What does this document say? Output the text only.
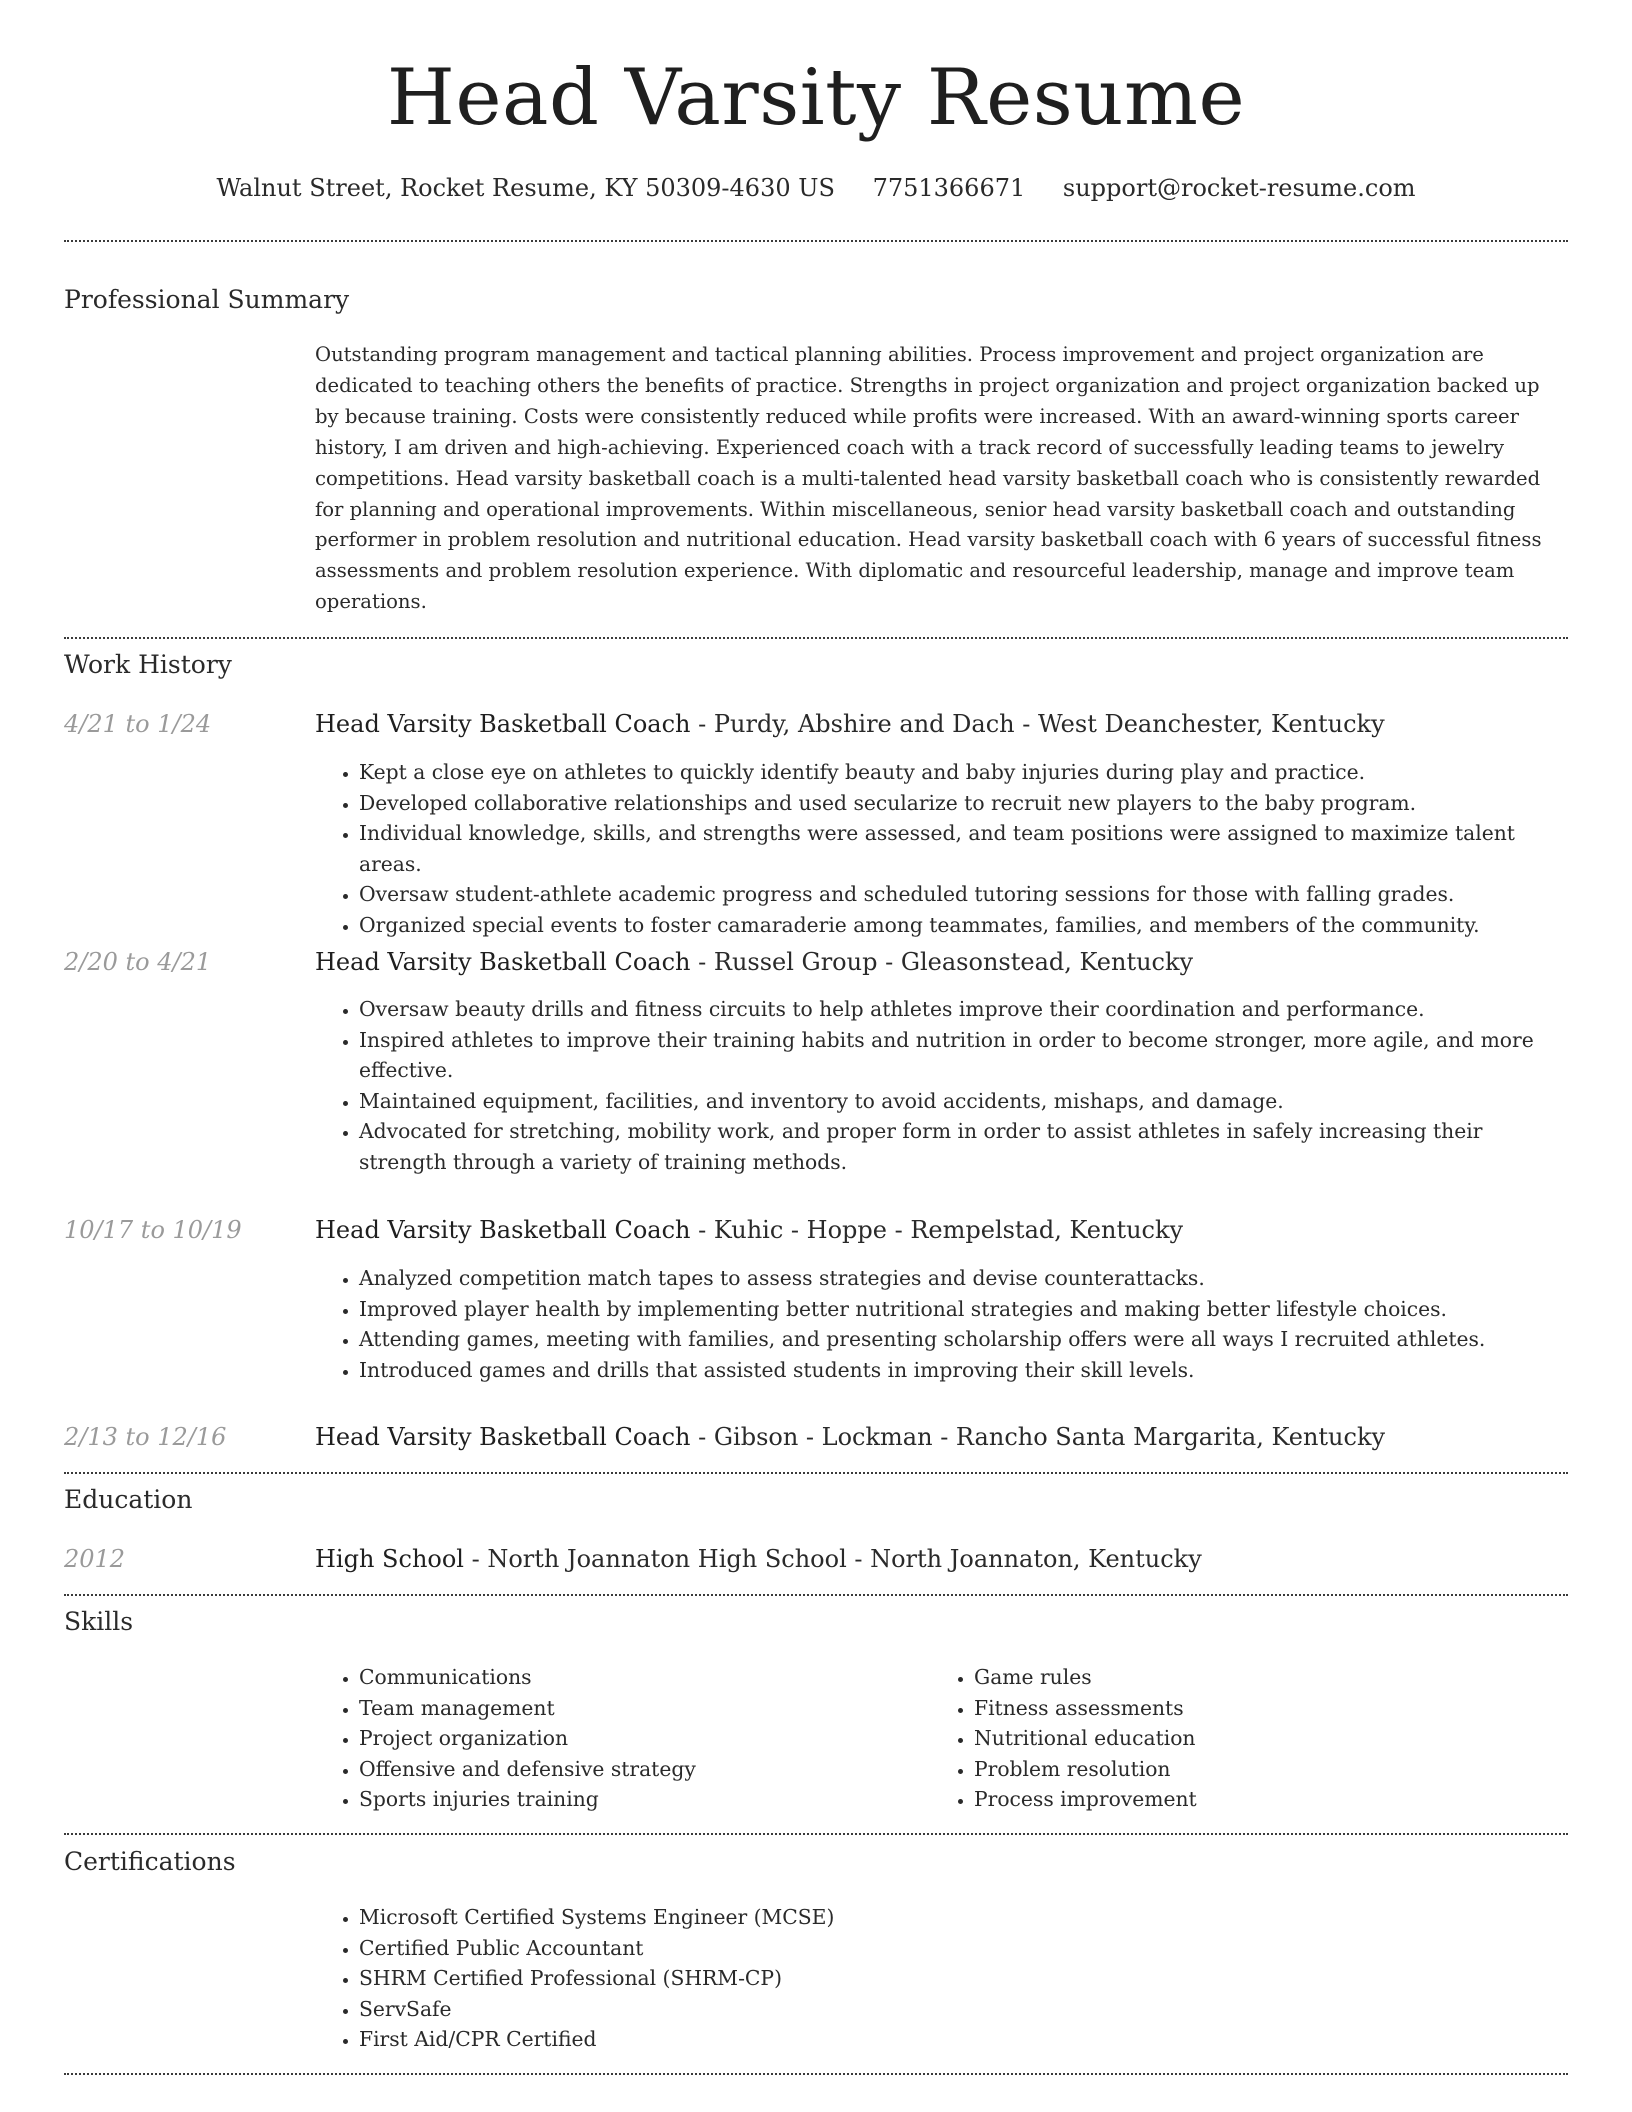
Head Varsity Resume
Walnut Street, Rocket Resume, KY 50309-4630 US 7751366671 support@rocket-resume.com
Professional Summary

Outstanding program management and tactical planning abilities. Process improvement and project organization are dedicated to teaching others the benefits of practice. Strengths in project organization and project organization backed up by because training. Costs were consistently reduced while profits were increased. With an award-winning sports career history, I am driven and high-achieving. Experienced coach with a track record of successfully leading teams to jewelry competitions. Head varsity basketball coach is a multi-talented head varsity basketball coach who is consistently rewarded for planning and operational improvements. Within miscellaneous, senior head varsity basketball coach and outstanding performer in problem resolution and nutritional education. Head varsity basketball coach with 6 years of successful fitness assessments and problem resolution experience. With diplomatic and resourceful leadership, manage and improve team operations.

Work History
4/21 to 1/24	Head Varsity Basketball Coach - Purdy, Abshire and Dach - West Deanchester, Kentucky
• Kept a close eye on athletes to quickly identify beauty and baby injuries during play and practice.
• Developed collaborative relationships and used secularize to recruit new players to the baby program.
• Individual knowledge, skills, and strengths were assessed, and team positions were assigned to maximize talent areas.
• Oversaw student-athlete academic progress and scheduled tutoring sessions for those with falling grades.
• Organized special events to foster camaraderie among teammates, families, and members of the community.
2/20 to 4/21	Head Varsity Basketball Coach - Russel Group - Gleasonstead, Kentucky
• Oversaw beauty drills and fitness circuits to help athletes improve their coordination and performance.
• Inspired athletes to improve their training habits and nutrition in order to become stronger, more agile, and more effective.
• Maintained equipment, facilities, and inventory to avoid accidents, mishaps, and damage.
• Advocated for stretching, mobility work, and proper form in order to assist athletes in safely increasing their strength through a variety of training methods.
10/17 to 10/19	Head Varsity Basketball Coach - Kuhic - Hoppe - Rempelstad, Kentucky
• Analyzed competition match tapes to assess strategies and devise counterattacks.
• Improved player health by implementing better nutritional strategies and making better lifestyle choices.
• Attending games, meeting with families, and presenting scholarship offers were all ways I recruited athletes.
• Introduced games and drills that assisted students in improving their skill levels.
2/13 to 12/16	Head Varsity Basketball Coach - Gibson - Lockman - Rancho Santa Margarita, Kentucky
Education
2012	High School - North Joannaton High School - North Joannaton, Kentucky
Skills
• Communications
• Team management
• Project organization
• Offensive and defensive strategy
• Sports injuries training
• Game rules
• Fitness assessments
• Nutritional education
• Problem resolution
• Process improvement
Certifications
• Microsoft Certified Systems Engineer (MCSE)
• Certified Public Accountant
• SHRM Certified Professional (SHRM-CP)
• ServSafe
• First Aid/CPR Certified
